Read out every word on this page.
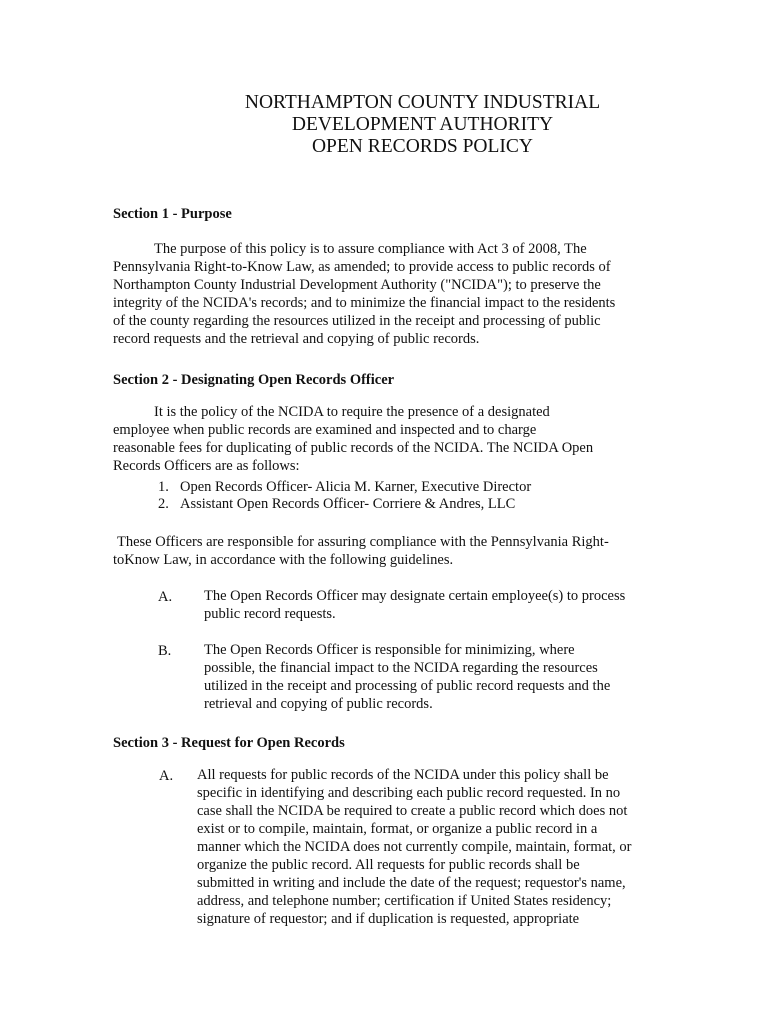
NORTHAMPTON COUNTY INDUSTRIAL
DEVELOPMENT AUTHORITY
OPEN RECORDS POLICY
Section 1 - Purpose
The purpose of this policy is to assure compliance with Act 3 of 2008, The
Pennsylvania Right-to-Know Law, as amended; to provide access to public records of
Northampton County Industrial Development Authority ("NCIDA"); to preserve the
integrity of the NCIDA's records; and to minimize the financial impact to the residents
of the county regarding the resources utilized in the receipt and processing of public
record requests and the retrieval and copying of public records.
Section 2 - Designating Open Records Officer
It is the policy of the NCIDA to require the presence of a designated
employee when public records are examined and inspected and to charge
reasonable fees for duplicating of public records of the NCIDA. The NCIDA Open
Records Officers are as follows:
1. Open Records Officer- Alicia M. Karner, Executive Director
2. Assistant Open Records Officer- Corriere & Andres, LLC
These Officers are responsible for assuring compliance with the Pennsylvania Right-
toKnow Law, in accordance with the following guidelines.
A. The Open Records Officer may designate certain employee(s) to process
public record requests.
B. The Open Records Officer is responsible for minimizing, where
possible, the financial impact to the NCIDA regarding the resources
utilized in the receipt and processing of public record requests and the
retrieval and copying of public records.
Section 3 - Request for Open Records
A. All requests for public records of the NCIDA under this policy shall be
specific in identifying and describing each public record requested. In no
case shall the NCIDA be required to create a public record which does not
exist or to compile, maintain, format, or organize a public record in a
manner which the NCIDA does not currently compile, maintain, format, or
organize the public record. All requests for public records shall be
submitted in writing and include the date of the request; requestor's name,
address, and telephone number; certification if United States residency;
signature of requestor; and if duplication is requested, appropriate
